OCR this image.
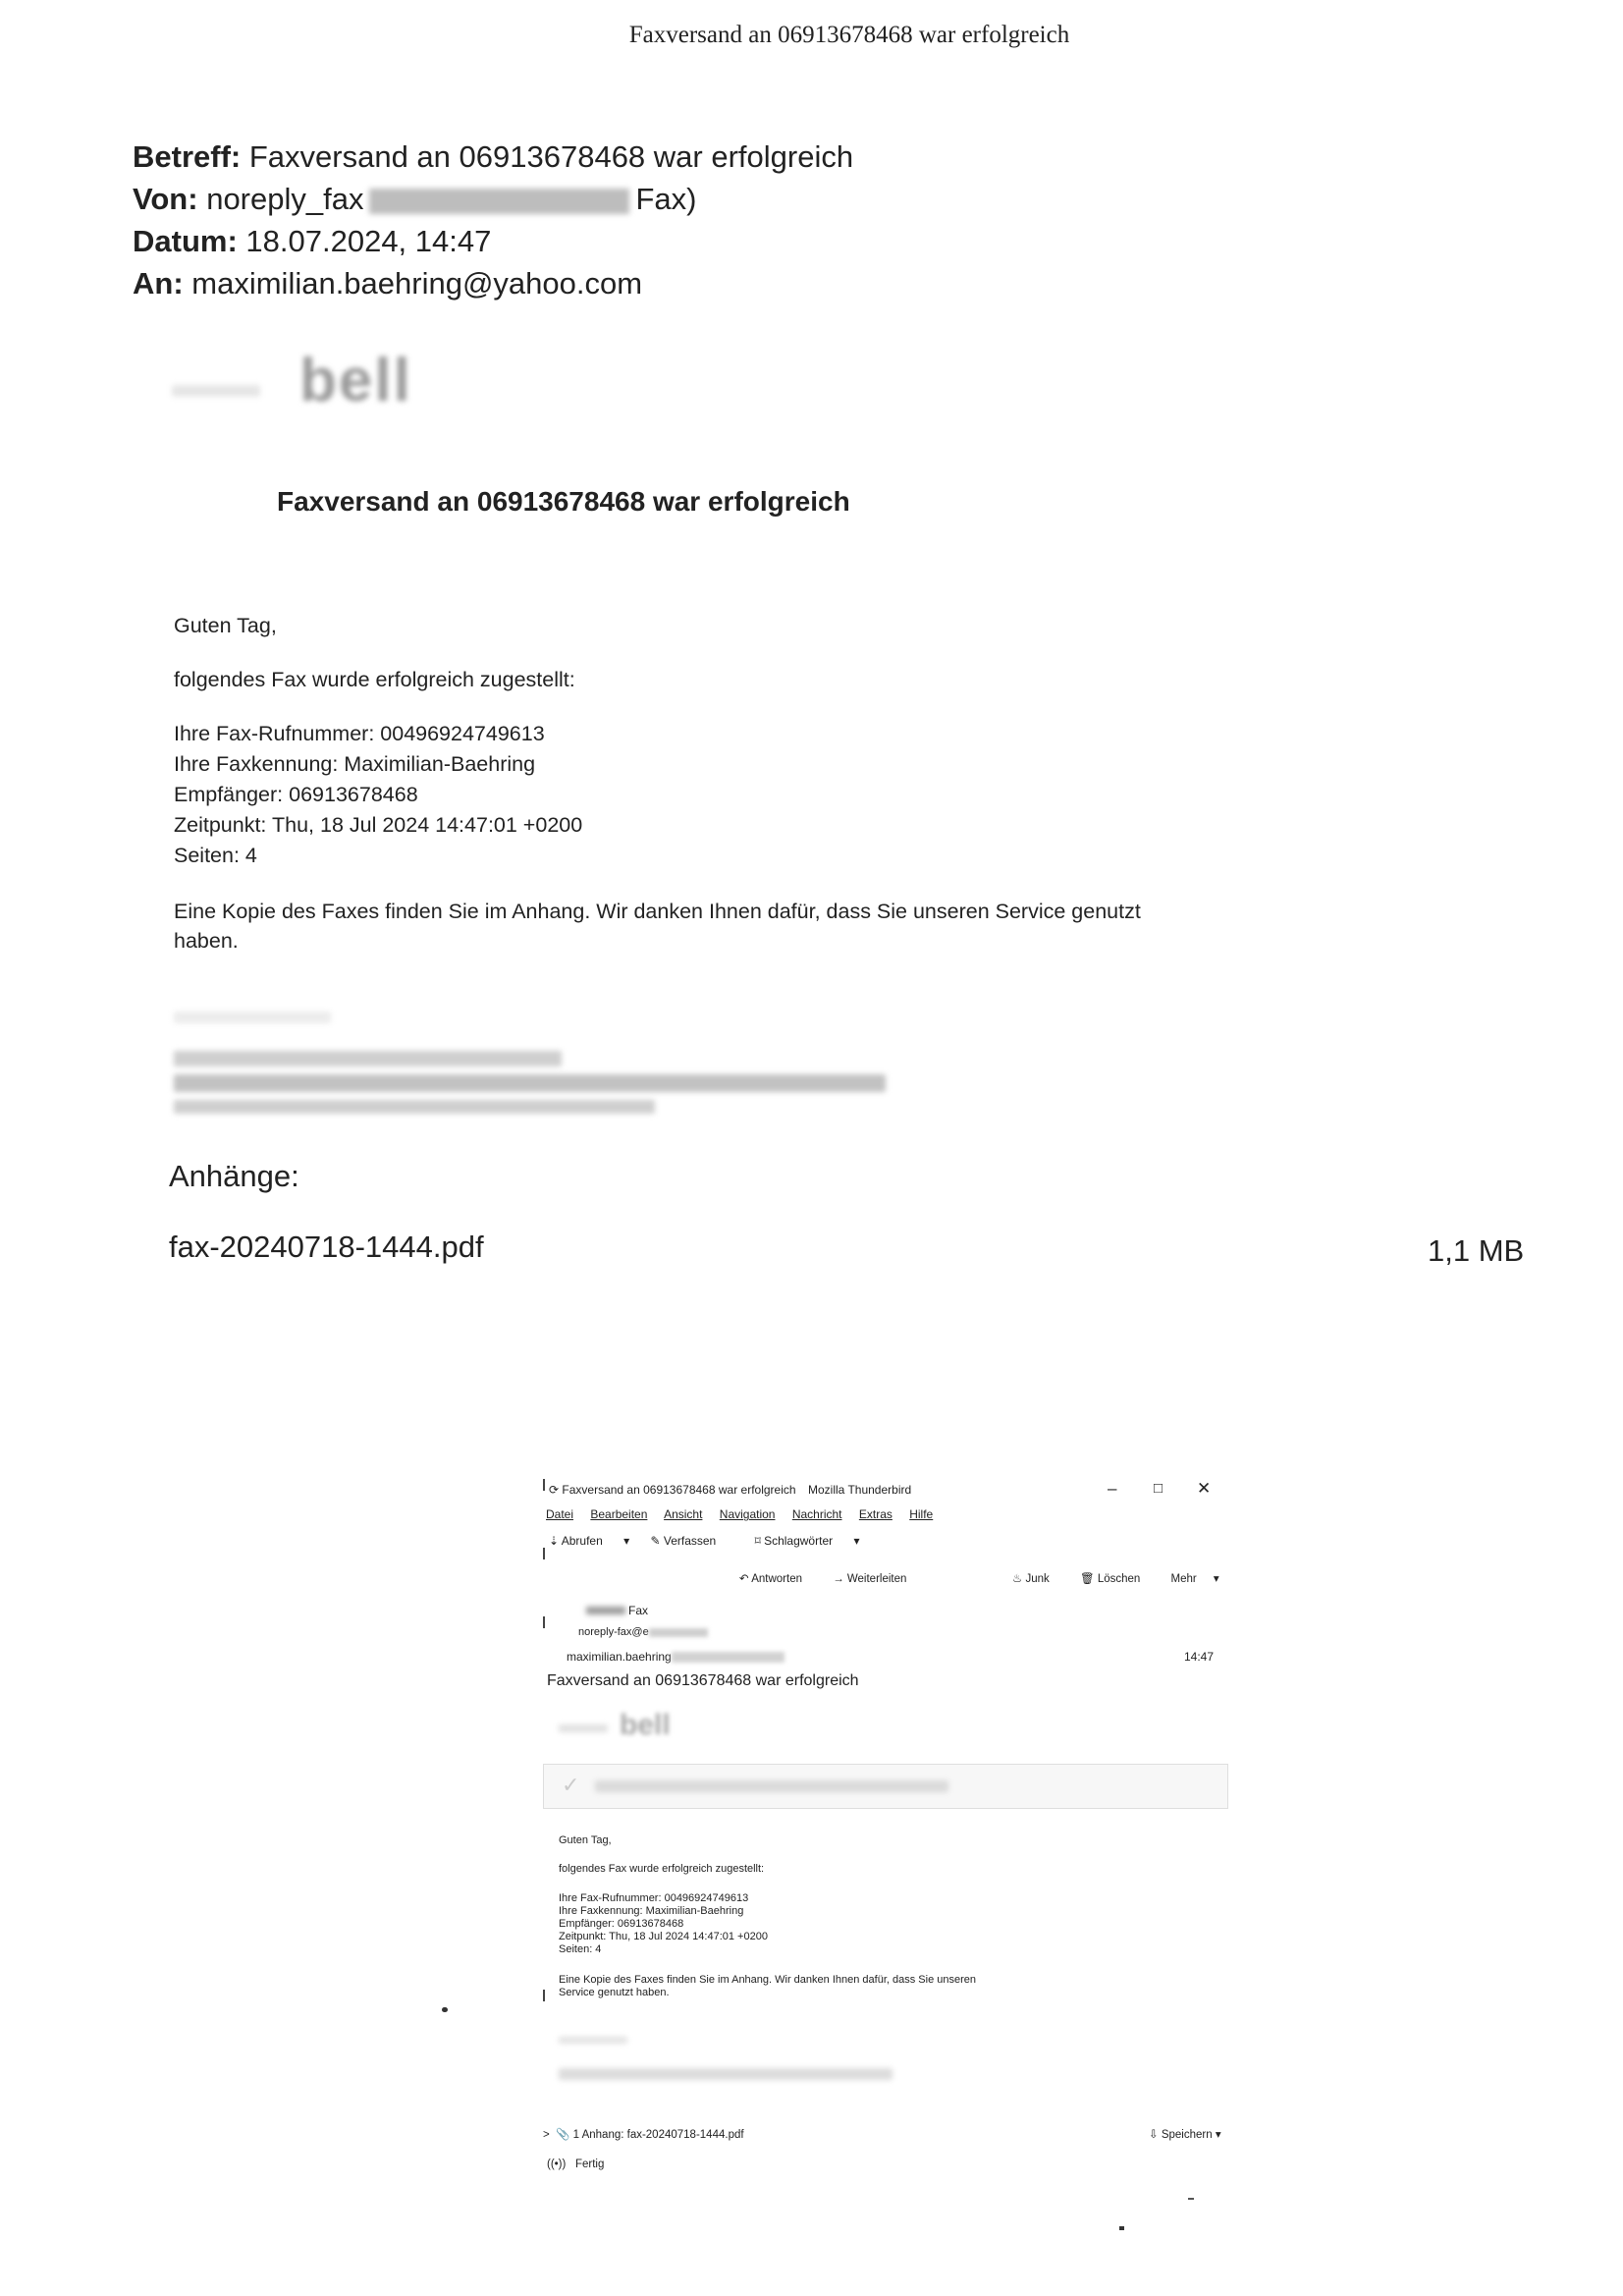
Faxversand an 06913678468 war erfolgreich
Betreff: Faxversand an 06913678468 war erfolgreich
Von: noreply_fax	Fax)
Datum: 18.07.2024, 14:47
An: maximilian.baehring@yahoo.com
bell
Faxversand an 06913678468 war erfolgreich
Guten Tag,
folgendes Fax wurde erfolgreich zugestellt:
Ihre Fax-Rufnummer: 00496924749613
Ihre Faxkennung: Maximilian-Baehring
Empfänger: 06913678468
Zeitpunkt: Thu, 18 Jul 2024 14:47:01 +0200
Seiten: 4
Eine Kopie des Faxes finden Sie im Anhang. Wir danken Ihnen dafür, dass Sie unseren Service genutzt haben.
Anhänge:
fax-20240718-1444.pdf	1,1 MB
⟳ Faxversand an 06913678468 war erfolgreich Mozilla Thunderbird	–	□ ✕
Datei Bearbeiten Ansicht Navigation Nachricht Extras Hilfe
⇣ Abrufen ▾ ✎ Verfassen	⌑ Schlagwörter ▾
↶ Antworten	→ Weiterleiten	♨ Junk	🗑 Löschen	Mehr ▾
Fax
noreply-fax@e
maximilian.baehring	14:47
Faxversand an 06913678468 war erfolgreich
bell
✓
Guten Tag,
folgendes Fax wurde erfolgreich zugestellt:
Ihre Fax-Rufnummer: 00496924749613
Ihre Faxkennung: Maximilian-Baehring
Empfänger: 06913678468
Zeitpunkt: Thu, 18 Jul 2024 14:47:01 +0200
Seiten: 4
Eine Kopie des Faxes finden Sie im Anhang. Wir danken Ihnen dafür, dass Sie unseren
Service genutzt haben.
>  📎 1 Anhang: fax-20240718-1444.pdf	⇩ Speichern ▾
((•)) Fertig
